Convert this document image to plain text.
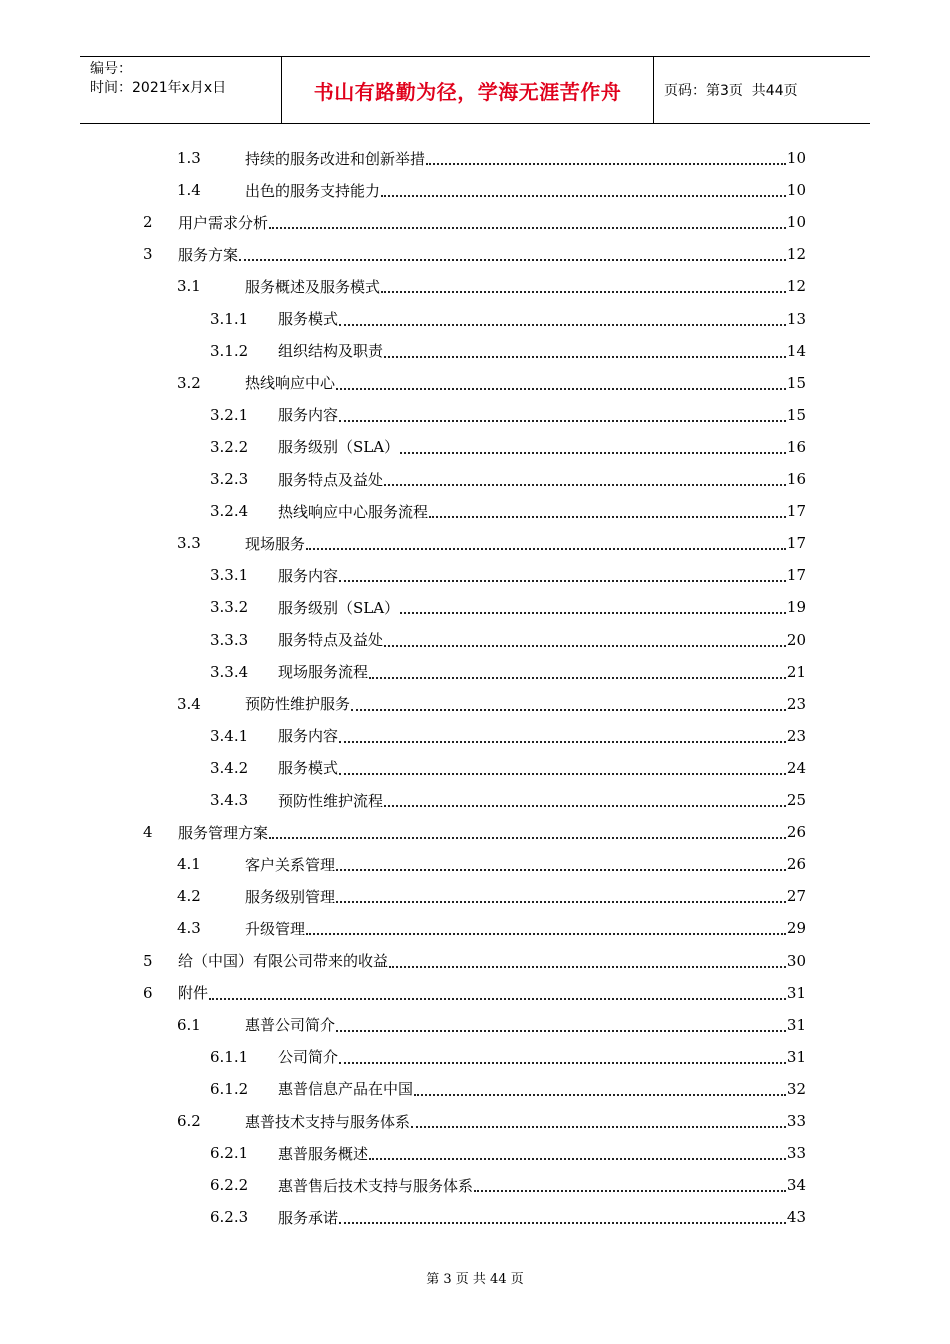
编号：
时间：2021年x月x日	书山有路勤为径，学海无涯苦作舟	页码：第3页  共44页
1.3	持续的服务改进和创新举措	10
1.4	出色的服务支持能力	10
2	用户需求分析	10
3	服务方案	12
3.1	服务概述及服务模式	12
3.1.1	服务模式	13
3.1.2	组织结构及职责	14
3.2	热线响应中心	15
3.2.1	服务内容	15
3.2.2	服务级别（SLA）	16
3.2.3	服务特点及益处	16
3.2.4	热线响应中心服务流程	17
3.3	现场服务	17
3.3.1	服务内容	17
3.3.2	服务级别（SLA）	19
3.3.3	服务特点及益处	20
3.3.4	现场服务流程	21
3.4	预防性维护服务	23
3.4.1	服务内容	23
3.4.2	服务模式	24
3.4.3	预防性维护流程	25
4	服务管理方案	26
4.1	客户关系管理	26
4.2	服务级别管理	27
4.3	升级管理	29
5	给（中国）有限公司带来的收益	30
6	附件	31
6.1	惠普公司简介	31
6.1.1	公司简介	31
6.1.2	惠普信息产品在中国	32
6.2	惠普技术支持与服务体系	33
6.2.1	惠普服务概述	33
6.2.2	惠普售后技术支持与服务体系	34
6.2.3	服务承诺	43
第 3 页 共 44 页
